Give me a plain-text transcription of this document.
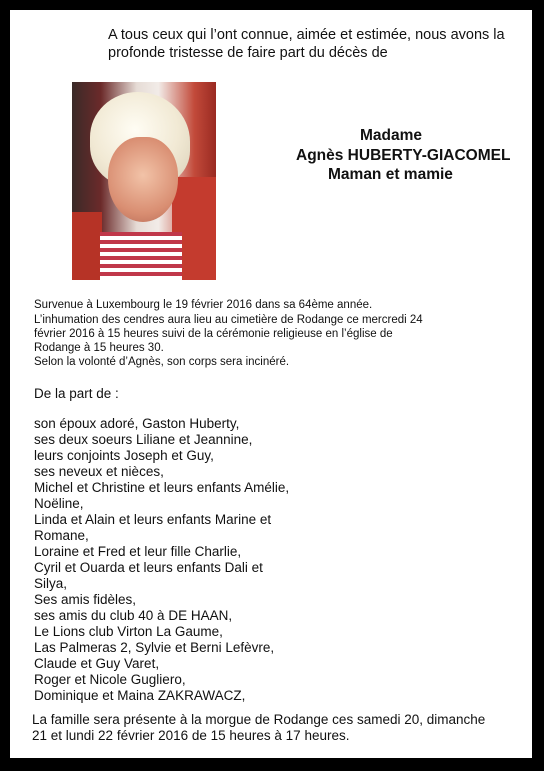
A tous ceux qui l’ont connue, aimée et estimée, nous avons la
profonde tristesse de faire part du décès de
Madame
Agnès HUBERTY-GIACOMEL
Maman et mamie
Survenue à Luxembourg le 19 février 2016 dans sa 64ème année.
L’inhumation des cendres aura lieu au cimetière de Rodange ce mercredi 24
février 2016 à 15 heures suivi de la cérémonie religieuse en l’église de
Rodange à 15 heures 30.
Selon la volonté d’Agnès, son corps sera incinéré.
De la part de :
son époux adoré, Gaston Huberty,
ses deux soeurs Liliane et Jeannine,
leurs conjoints Joseph et Guy,
ses neveux et nièces,
Michel et Christine et leurs enfants Amélie,
Noëline,
Linda et Alain et leurs enfants Marine et
Romane,
Loraine et Fred et leur fille Charlie,
Cyril et Ouarda et leurs enfants Dali et
Silya,
Ses amis fidèles,
ses amis du club 40 à DE HAAN,
Le Lions club Virton La Gaume,
Las Palmeras 2, Sylvie et Berni Lefèvre,
Claude et Guy Varet,
Roger et Nicole Gugliero,
Dominique et Maina ZAKRAWACZ,
La famille sera présente à la morgue de Rodange ces samedi 20, dimanche
21 et lundi 22 février 2016 de 15 heures à 17 heures.
